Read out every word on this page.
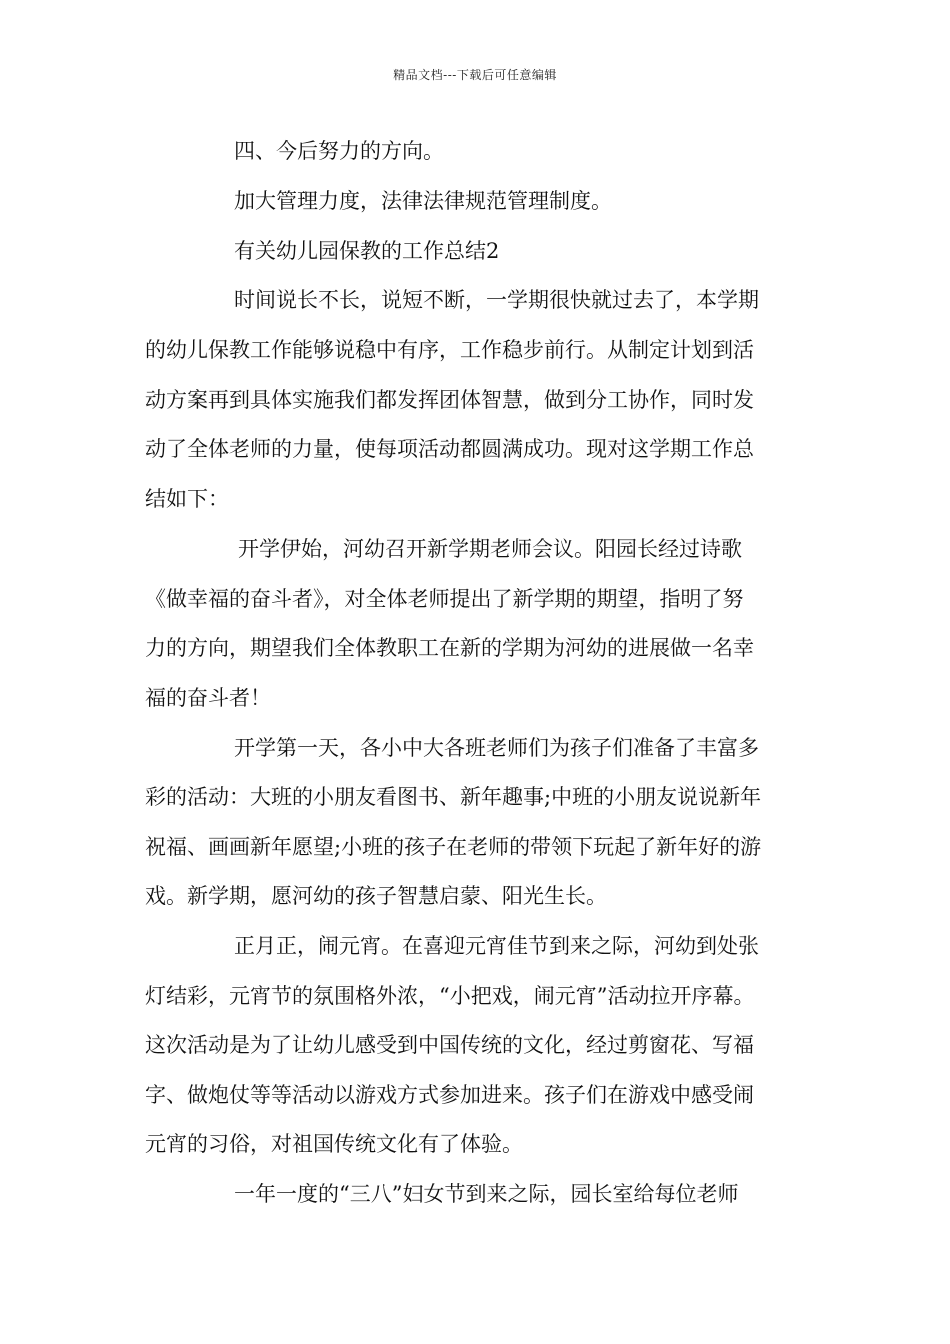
精品文档---下载后可任意编辑
四、今后努力的方向。
加大管理力度，法律法律规范管理制度。
有关幼儿园保教的工作总结2
时间说长不长，说短不断，一学期很快就过去了，本学期
的幼儿保教工作能够说稳中有序，工作稳步前行。从制定计划到活
动方案再到具体实施我们都发挥团体智慧，做到分工协作，同时发
动了全体老师的力量，使每项活动都圆满成功。现对这学期工作总
结如下：
开学伊始，河幼召开新学期老师会议。阳园长经过诗歌
《做幸福的奋斗者》，对全体老师提出了新学期的期望，指明了努
力的方向，期望我们全体教职工在新的学期为河幼的进展做一名幸
福的奋斗者！
开学第一天，各小中大各班老师们为孩子们准备了丰富多
彩的活动：大班的小朋友看图书、新年趣事;中班的小朋友说说新年
祝福、画画新年愿望;小班的孩子在老师的带领下玩起了新年好的游
戏。新学期，愿河幼的孩子智慧启蒙、阳光生长。
正月正，闹元宵。在喜迎元宵佳节到来之际，河幼到处张
灯结彩，元宵节的氛围格外浓，“小把戏，闹元宵”活动拉开序幕。
这次活动是为了让幼儿感受到中国传统的文化，经过剪窗花、写福
字、做炮仗等等活动以游戏方式参加进来。孩子们在游戏中感受闹
元宵的习俗，对祖国传统文化有了体验。
一年一度的“三八”妇女节到来之际，园长室给每位老师
